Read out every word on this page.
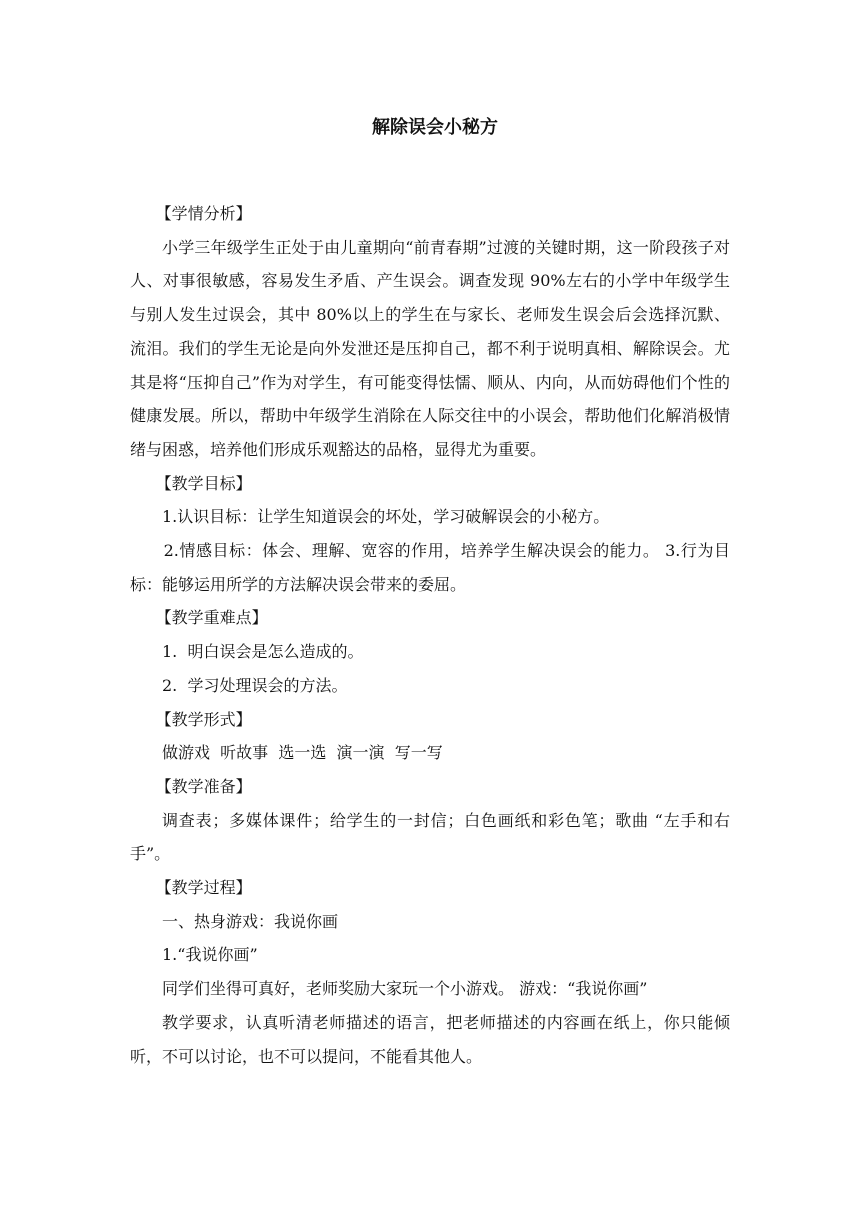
解除误会小秘方
【学情分析】
小学三年级学生正处于由儿童期向“前青春期”过渡的关键时期，这一阶段孩子对人、对事很敏感，容易发生矛盾、产生误会。调查发现 90%左右的小学中年级学生与别人发生过误会，其中 80%以上的学生在与家长、老师发生误会后会选择沉默、流泪。我们的学生无论是向外发泄还是压抑自己，都不利于说明真相、解除误会。尤其是将“压抑自己”作为对学生，有可能变得怯懦、顺从、内向，从而妨碍他们个性的健康发展。所以，帮助中年级学生消除在人际交往中的小误会，帮助他们化解消极情绪与困惑，培养他们形成乐观豁达的品格，显得尤为重要。
【教学目标】
1.认识目标：让学生知道误会的坏处，学习破解误会的小秘方。
2.情感目标：体会、理解、宽容的作用，培养学生解决误会的能力。 3.行为目标：能够运用所学的方法解决误会带来的委屈。
【教学重难点】
1.  明白误会是怎么造成的。
2.  学习处理误会的方法。
【教学形式】
做游戏  听故事  选一选  演一演  写一写
【教学准备】
调查表；多媒体课件；给学生的一封信；白色画纸和彩色笔；歌曲 “左手和右手”。
【教学过程】
一、热身游戏：我说你画
1.“我说你画”
同学们坐得可真好，老师奖励大家玩一个小游戏。 游戏：“我说你画”
教学要求，认真听清老师描述的语言，把老师描述的内容画在纸上，你只能倾听，不可以讨论，也不可以提问，不能看其他人。
